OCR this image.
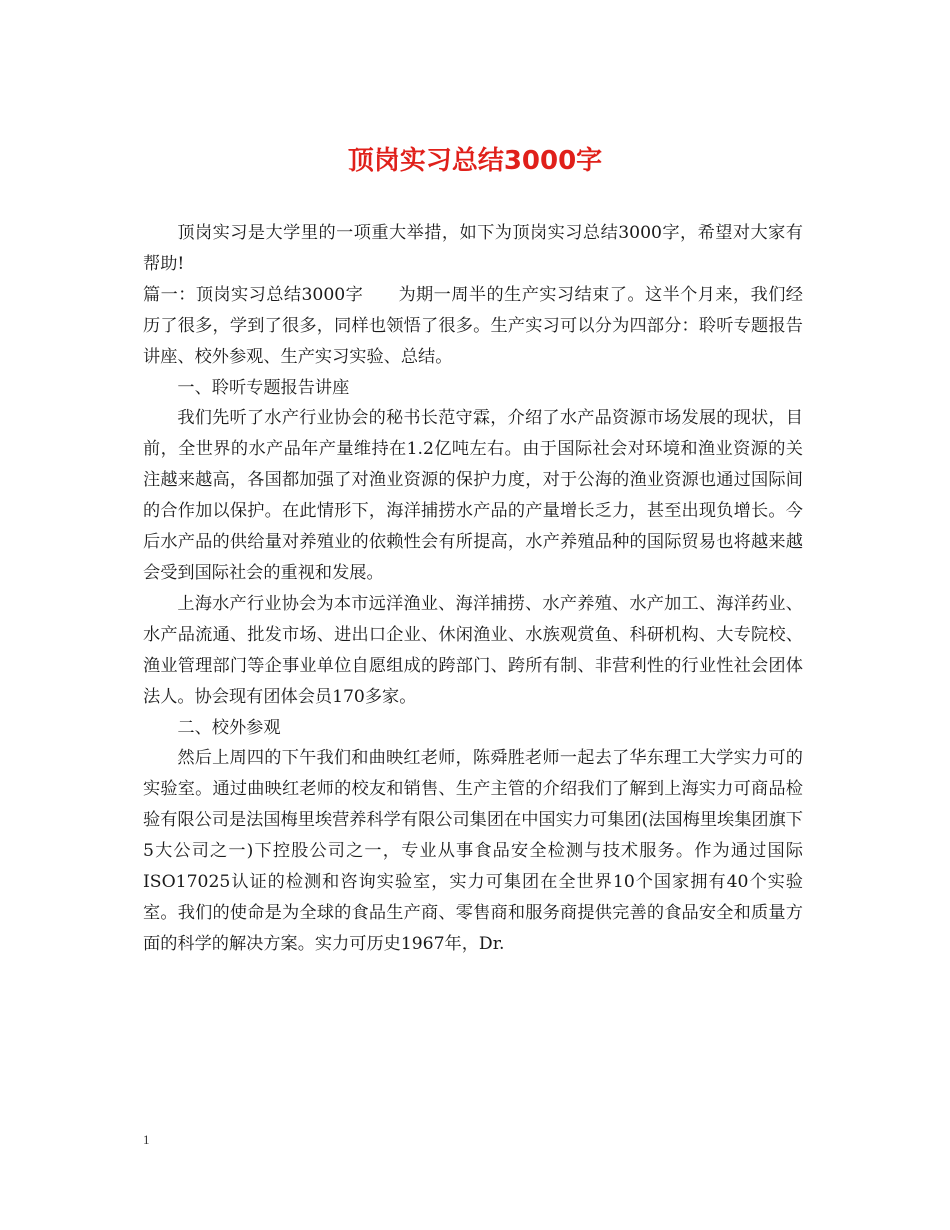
顶岗实习总结3000字

顶岗实习是大学里的一项重大举措，如下为顶岗实习总结3000字，希望对大家有帮助!

篇一：顶岗实习总结3000字　　为期一周半的生产实习结束了。这半个月来，我们经历了很多，学到了很多，同样也领悟了很多。生产实习可以分为四部分：聆听专题报告讲座、校外参观、生产实习实验、总结。

一、聆听专题报告讲座

我们先听了水产行业协会的秘书长范守霖，介绍了水产品资源市场发展的现状，目前，全世界的水产品年产量维持在1.2亿吨左右。由于国际社会对环境和渔业资源的关注越来越高，各国都加强了对渔业资源的保护力度，对于公海的渔业资源也通过国际间的合作加以保护。在此情形下，海洋捕捞水产品的产量增长乏力，甚至出现负增长。今后水产品的供给量对养殖业的依赖性会有所提高，水产养殖品种的国际贸易也将越来越会受到国际社会的重视和发展。

上海水产行业协会为本市远洋渔业、海洋捕捞、水产养殖、水产加工、海洋药业、水产品流通、批发市场、进出口企业、休闲渔业、水族观赏鱼、科研机构、大专院校、渔业管理部门等企事业单位自愿组成的跨部门、跨所有制、非营利性的行业性社会团体法人。协会现有团体会员170多家。

二、校外参观

然后上周四的下午我们和曲映红老师，陈舜胜老师一起去了华东理工大学实力可的实验室。通过曲映红老师的校友和销售、生产主管的介绍我们了解到上海实力可商品检验有限公司是法国梅里埃营养科学有限公司集团在中国实力可集团(法国梅里埃集团旗下5大公司之一)下控股公司之一，专业从事食品安全检测与技术服务。作为通过国际ISO17025认证的检测和咨询实验室，实力可集团在全世界10个国家拥有40个实验室。我们的使命是为全球的食品生产商、零售商和服务商提供完善的食品安全和质量方面的科学的解决方案。实力可历史1967年，Dr.

1
